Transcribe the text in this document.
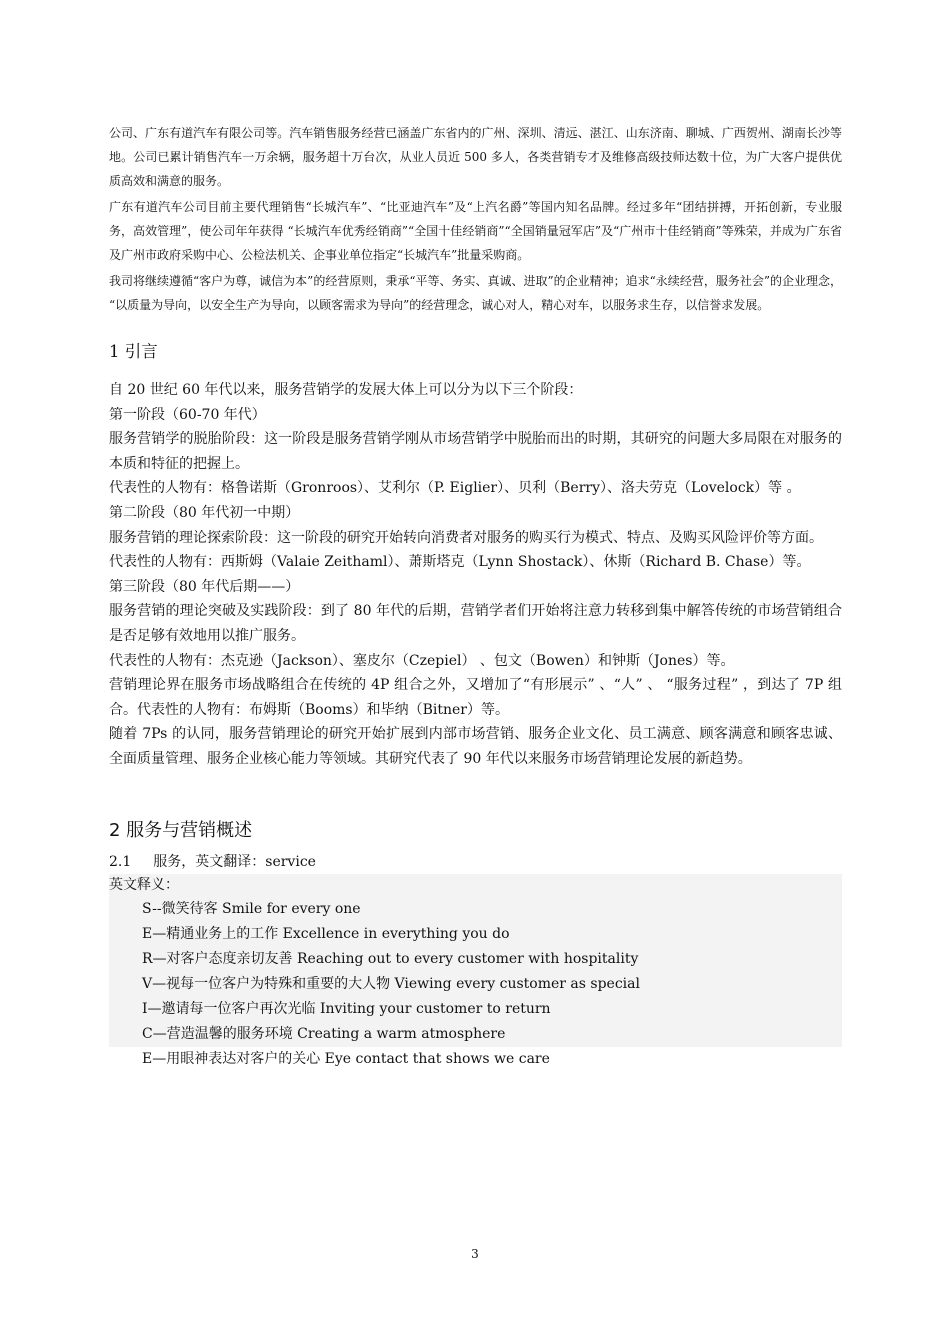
公司、广东有道汽车有限公司等。汽车销售服务经营已涵盖广东省内的广州、深圳、清远、湛江、山东济南、聊城、广西贺州、湖南长沙等地。公司已累计销售汽车一万余辆，服务超十万台次，从业人员近 500 多人，各类营销专才及维修高级技师达数十位，为广大客户提供优质高效和满意的服务。

广东有道汽车公司目前主要代理销售“长城汽车”、“比亚迪汽车”及“上汽名爵”等国内知名品牌。经过多年“团结拼搏，开拓创新，专业服务，高效管理”，使公司年年获得 “长城汽车优秀经销商”“全国十佳经销商”“全国销量冠军店”及“广州市十佳经销商”等殊荣，并成为广东省及广州市政府采购中心、公检法机关、企事业单位指定“长城汽车”批量采购商。

我司将继续遵循“客户为尊，诚信为本”的经营原则，秉承“平等、务实、真诚、进取”的企业精神；追求“永续经营，服务社会”的企业理念， “以质量为导向，以安全生产为导向，以顾客需求为导向”的经营理念，诚心对人，精心对车，以服务求生存，以信誉求发展。

1 引言

自 20 世纪 60 年代以来，服务营销学的发展大体上可以分为以下三个阶段：

第一阶段（60-70 年代）

服务营销学的脱胎阶段：这一阶段是服务营销学刚从市场营销学中脱胎而出的时期，其研究的问题大多局限在对服务的本质和特征的把握上。

代表性的人物有：格鲁诺斯（Gronroos）、艾利尔（P. Eiglier）、贝利（Berry）、洛夫劳克（Lovelock）等 。

第二阶段（80 年代初一中期）

服务营销的理论探索阶段：这一阶段的研究开始转向消费者对服务的购买行为模式、特点、及购买风险评价等方面。

代表性的人物有：西斯姆（Valaie Zeithaml）、萧斯塔克（Lynn Shostack）、休斯（Richard B. Chase）等。

第三阶段（80 年代后期——）

服务营销的理论突破及实践阶段：到了 80 年代的后期，营销学者们开始将注意力转移到集中解答传统的市场营销组合是否足够有效地用以推广服务。

代表性的人物有：杰克逊（Jackson）、塞皮尔（Czepiel） 、包文（Bowen）和钟斯（Jones）等。

营销理论界在服务市场战略组合在传统的 4P 组合之外，又增加了“有形展示” 、“人” 、 “服务过程” ，到达了 7P 组合。代表性的人物有：布姆斯（Booms）和毕纳（Bitner）等。

随着 7Ps 的认同，服务营销理论的研究开始扩展到内部市场营销、服务企业文化、员工满意、顾客满意和顾客忠诚、全面质量管理、服务企业核心能力等领域。其研究代表了 90 年代以来服务市场营销理论发展的新趋势。

2 服务与营销概述
2.1 服务，英文翻译：service
英文释义：
S--微笑待客 Smile for every one
E—精通业务上的工作 Excellence in everything you do
R—对客户态度亲切友善 Reaching out to every customer with hospitality
V—视每一位客户为特殊和重要的大人物 Viewing every customer as special
I—邀请每一位客户再次光临 Inviting your customer to return
C—营造温馨的服务环境 Creating a warm atmosphere
E—用眼神表达对客户的关心 Eye contact that shows we care
3
